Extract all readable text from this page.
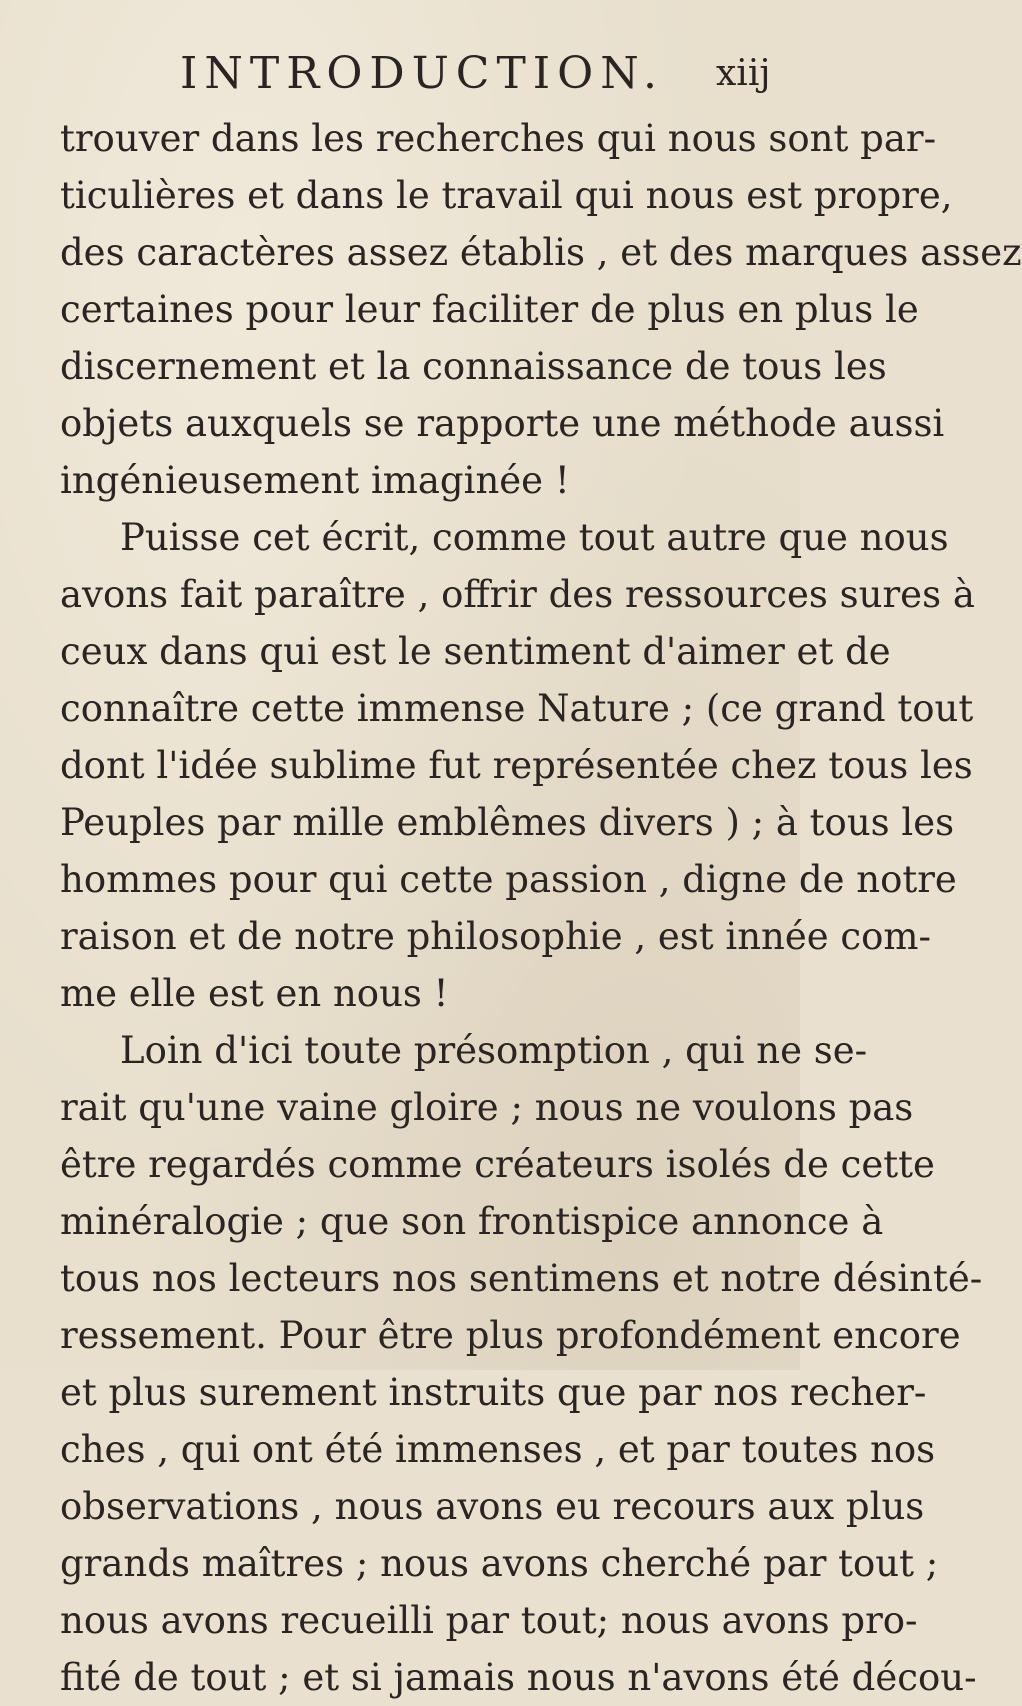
INTRODUCTION. xiij
trouver dans les recherches qui nous sont par-
ticulières et dans le travail qui nous est propre,
des caractères assez établis , et des marques assez
certaines pour leur faciliter de plus en plus le
discernement et la connaissance de tous les
objets auxquels se rapporte une méthode aussi
ingénieusement imaginée !
Puisse cet écrit, comme tout autre que nous
avons fait paraître , offrir des ressources sures à
ceux dans qui est le sentiment d'aimer et de
connaître cette immense Nature ; (ce grand tout
dont l'idée sublime fut représentée chez tous les
Peuples par mille emblêmes divers ) ; à tous les
hommes pour qui cette passion , digne de notre
raison et de notre philosophie , est innée com-
me elle est en nous !
Loin d'ici toute présomption , qui ne se-
rait qu'une vaine gloire ; nous ne voulons pas
être regardés comme créateurs isolés de cette
minéralogie ; que son frontispice annonce à
tous nos lecteurs nos sentimens et notre désinté-
ressement. Pour être plus profondément encore
et plus surement instruits que par nos recher-
ches , qui ont été immenses , et par toutes nos
observations , nous avons eu recours aux plus
grands maîtres ; nous avons cherché par tout ;
nous avons recueilli par tout; nous avons pro-
fité de tout ; et si jamais nous n'avons été décou-
